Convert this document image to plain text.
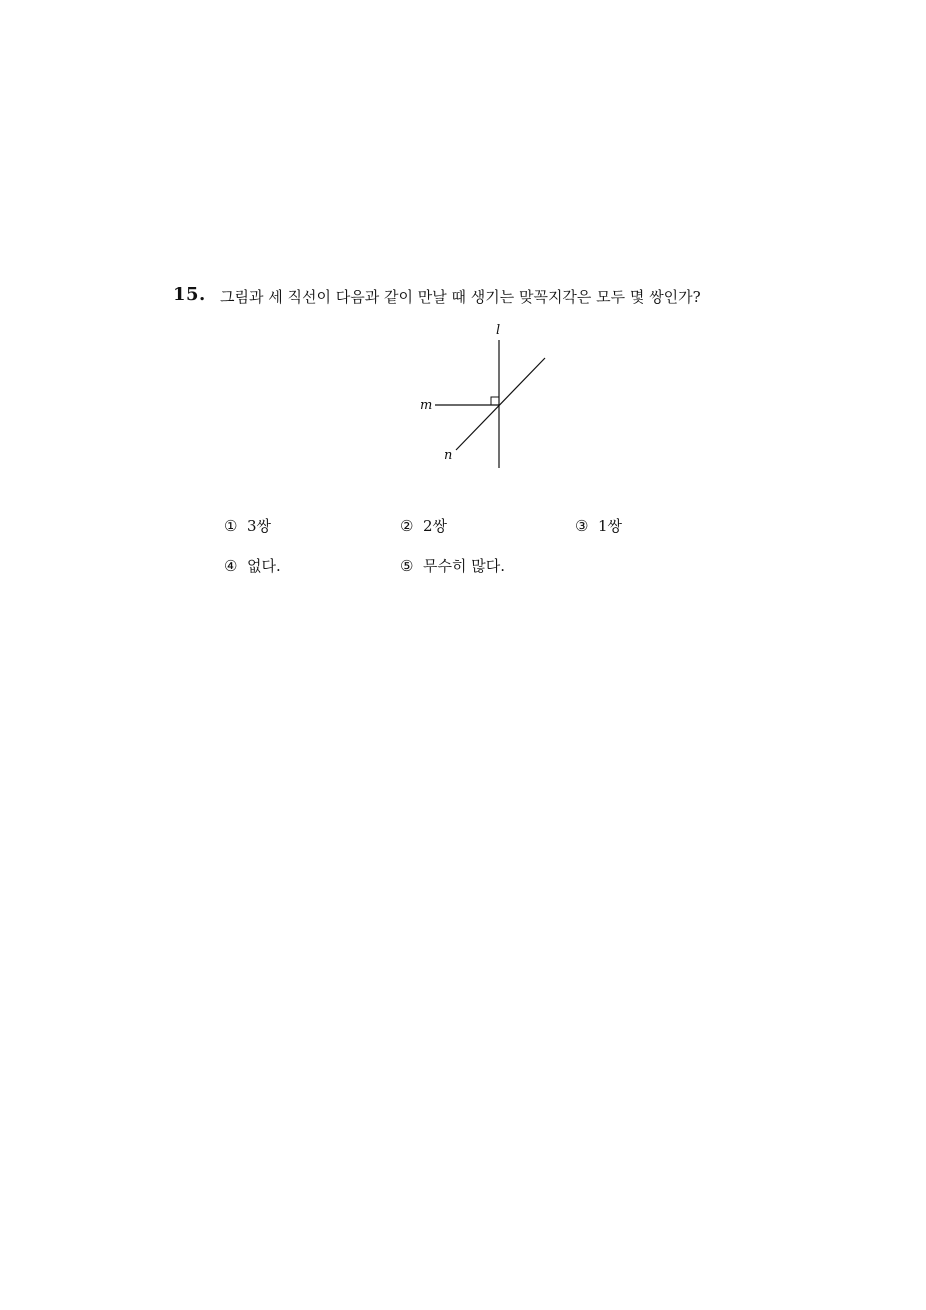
15. 그림과 세 직선이 다음과 같이 만날 때 생기는 맞꼭지각은 모두 몇 쌍인가?
l
m
n
① 3쌍	② 2쌍	③ 1쌍
④ 없다.	⑤ 무수히 많다.
